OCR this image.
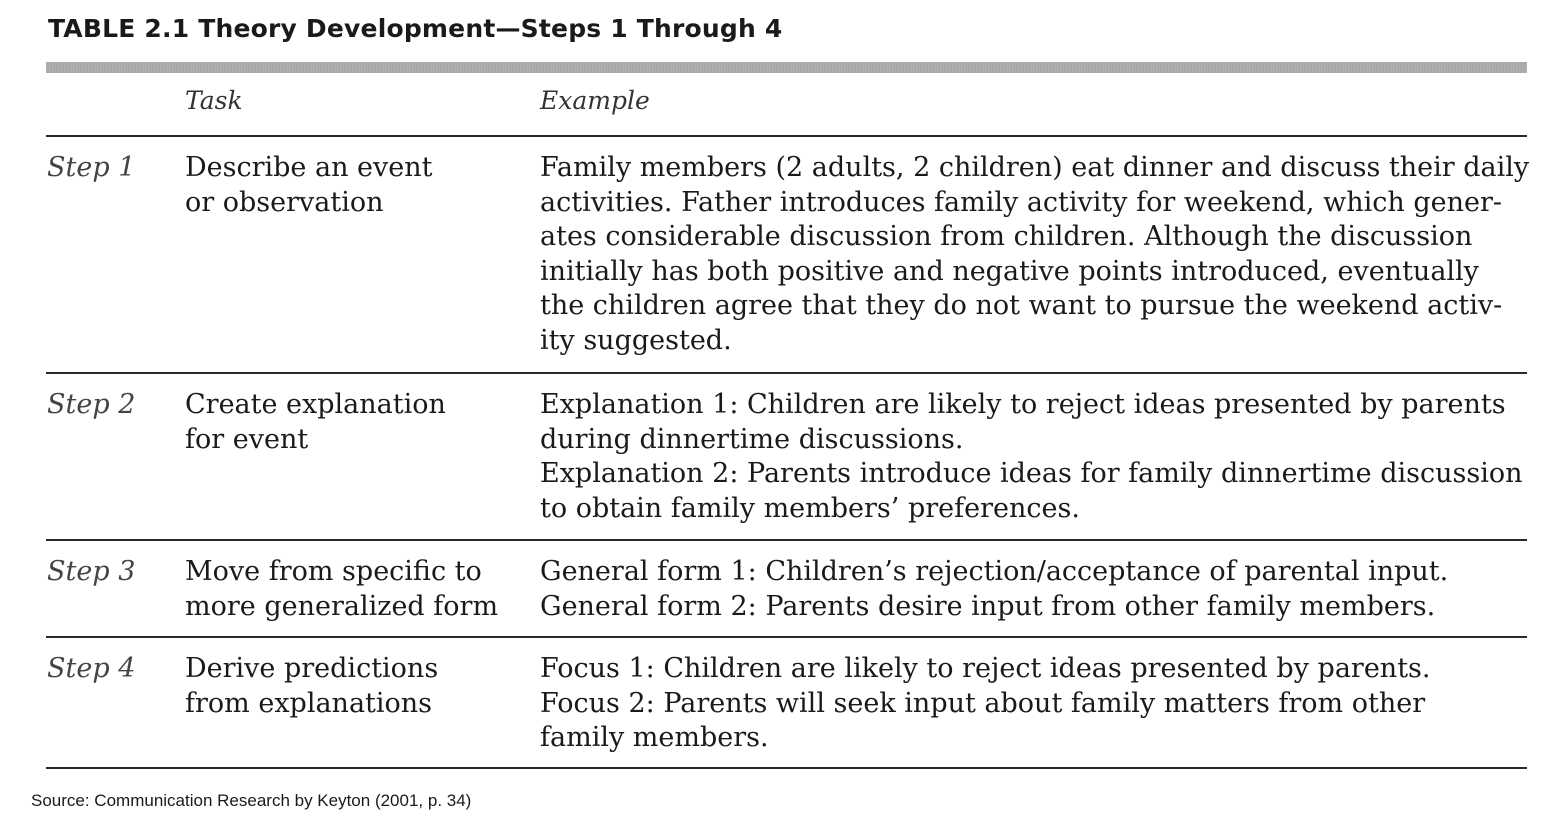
TABLE 2.1 Theory Development—Steps 1 Through 4
Task	Example
Step 1 Describe an event
or observation
Family members (2 adults, 2 children) eat dinner and discuss their daily
activities. Father introduces family activity for weekend, which gener-
ates considerable discussion from children. Although the discussion
initially has both positive and negative points introduced, eventually
the children agree that they do not want to pursue the weekend activ-
ity suggested.
Step 2 Create explanation
for event
Explanation 1: Children are likely to reject ideas presented by parents
during dinnertime discussions.
Explanation 2: Parents introduce ideas for family dinnertime discussion
to obtain family members’ preferences.
Step 3 Move from specific to
more generalized form
General form 1: Children’s rejection/acceptance of parental input.
General form 2: Parents desire input from other family members.
Step 4 Derive predictions
from explanations
Focus 1: Children are likely to reject ideas presented by parents.
Focus 2: Parents will seek input about family matters from other
family members.
Source: Communication Research by Keyton (2001, p. 34)
